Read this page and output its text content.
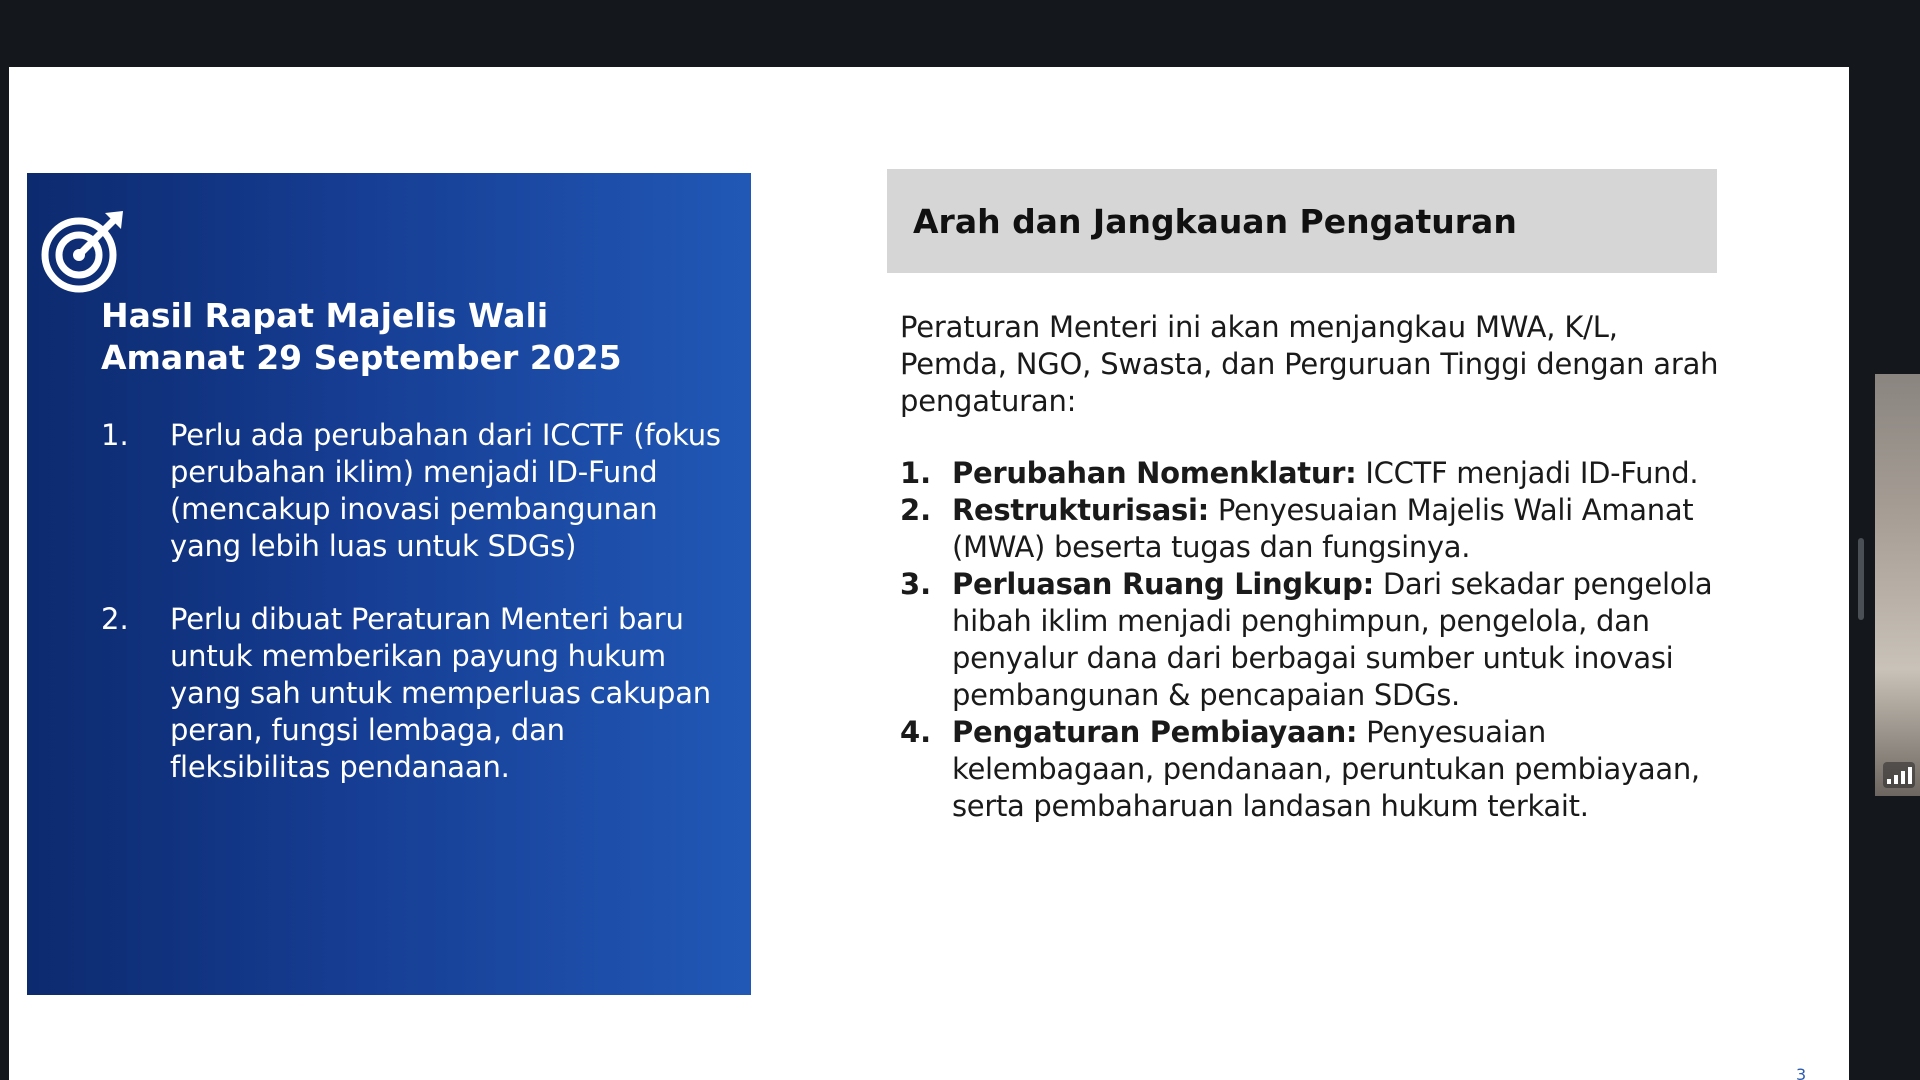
Hasil Rapat Majelis Wali
Amanat 29 September 2025
1.	Perlu ada perubahan dari ICCTF (fokus perubahan iklim) menjadi ID-Fund (mencakup inovasi pembangunan yang lebih luas untuk SDGs)
2.	Perlu dibuat Peraturan Menteri baru untuk memberikan payung hukum yang sah untuk memperluas cakupan peran, fungsi lembaga, dan fleksibilitas pendanaan.
Arah dan Jangkauan Pengaturan

Peraturan Menteri ini akan menjangkau MWA, K/L, Pemda, NGO, Swasta, dan Perguruan Tinggi dengan arah pengaturan:

1. Perubahan Nomenklatur: ICCTF menjadi ID-Fund.
2. Restrukturisasi: Penyesuaian Majelis Wali Amanat (MWA) beserta tugas dan fungsinya.
3. Perluasan Ruang Lingkup: Dari sekadar pengelola hibah iklim menjadi penghimpun, pengelola, dan penyalur dana dari berbagai sumber untuk inovasi pembangunan & pencapaian SDGs.
4. Pengaturan Pembiayaan: Penyesuaian kelembagaan, pendanaan, peruntukan pembiayaan, serta pembaharuan landasan hukum terkait.
3
